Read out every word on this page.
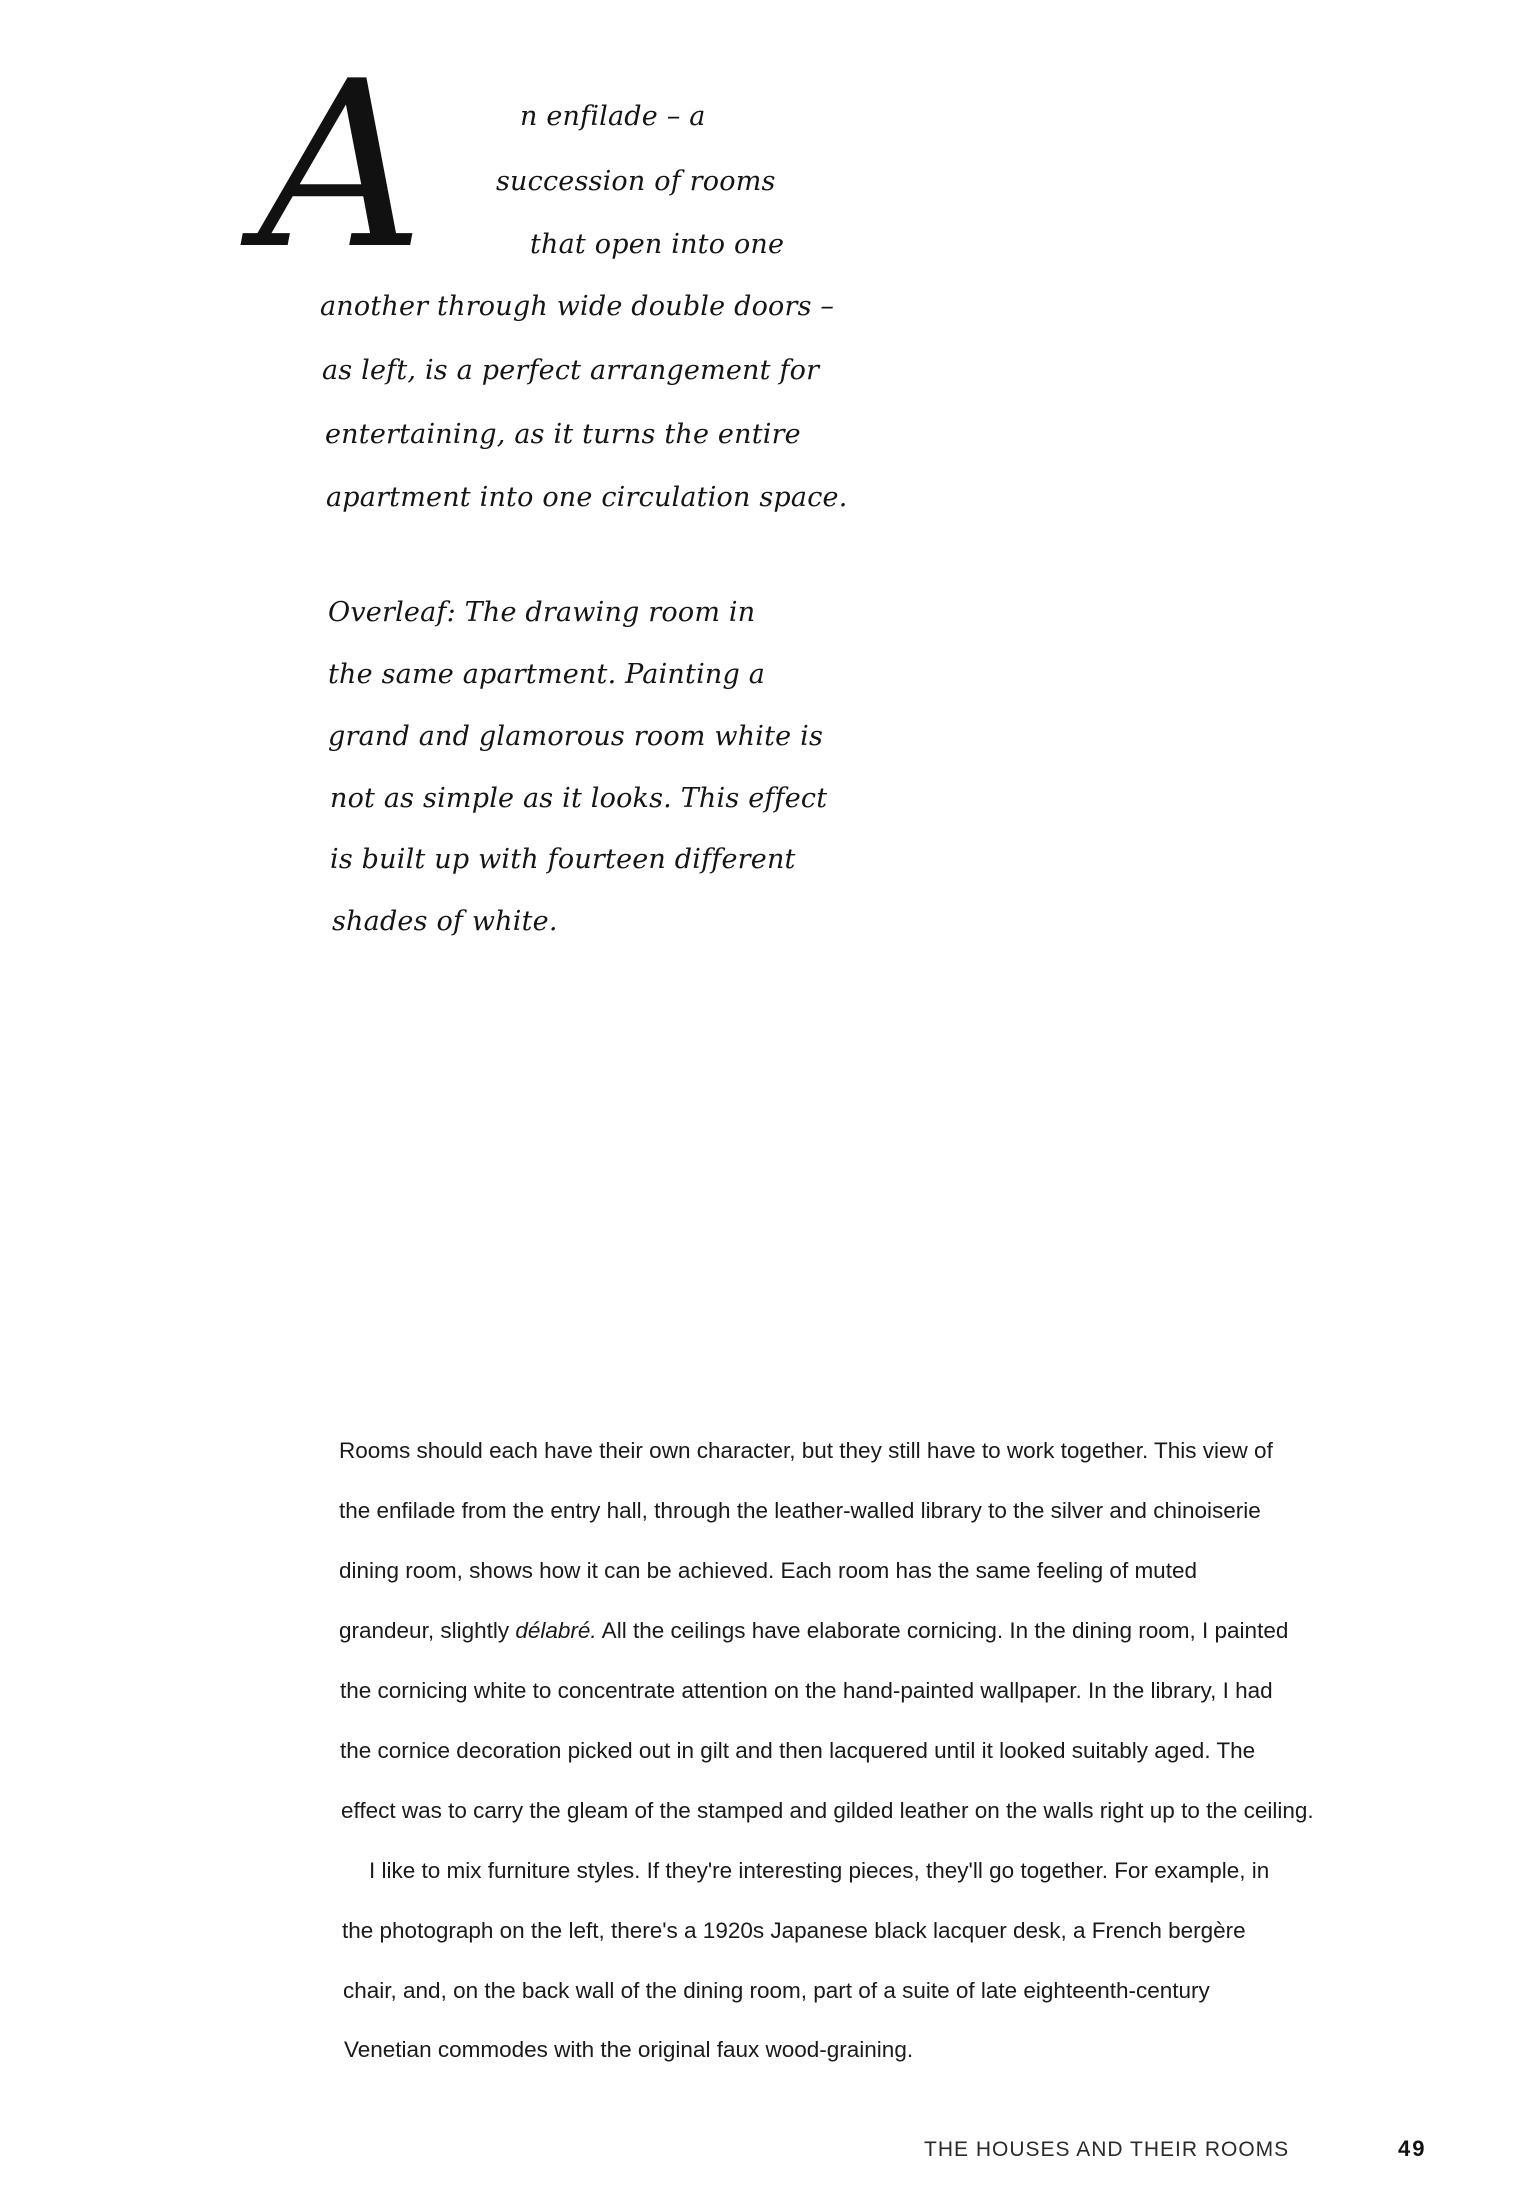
A	n enfilade – a
succession of rooms
that open into one
another through wide double doors –
as left, is a perfect arrangement for
entertaining, as it turns the entire
apartment into one circulation space.
Overleaf: The drawing room in
the same apartment. Painting a
grand and glamorous room white is
not as simple as it looks. This effect
is built up with fourteen different
shades of white.
Rooms should each have their own character, but they still have to work together. This view of
the enfilade from the entry hall, through the leather-walled library to the silver and chinoiserie
dining room, shows how it can be achieved. Each room has the same feeling of muted
grandeur, slightly délabré. All the ceilings have elaborate cornicing. In the dining room, I painted
the cornicing white to concentrate attention on the hand-painted wallpaper. In the library, I had
the cornice decoration picked out in gilt and then lacquered until it looked suitably aged. The
effect was to carry the gleam of the stamped and gilded leather on the walls right up to the ceiling.
I like to mix furniture styles. If they're interesting pieces, they'll go together. For example, in
the photograph on the left, there's a 1920s Japanese black lacquer desk, a French bergère
chair, and, on the back wall of the dining room, part of a suite of late eighteenth-century
Venetian commodes with the original faux wood-graining.
THE HOUSES AND THEIR ROOMS	49
